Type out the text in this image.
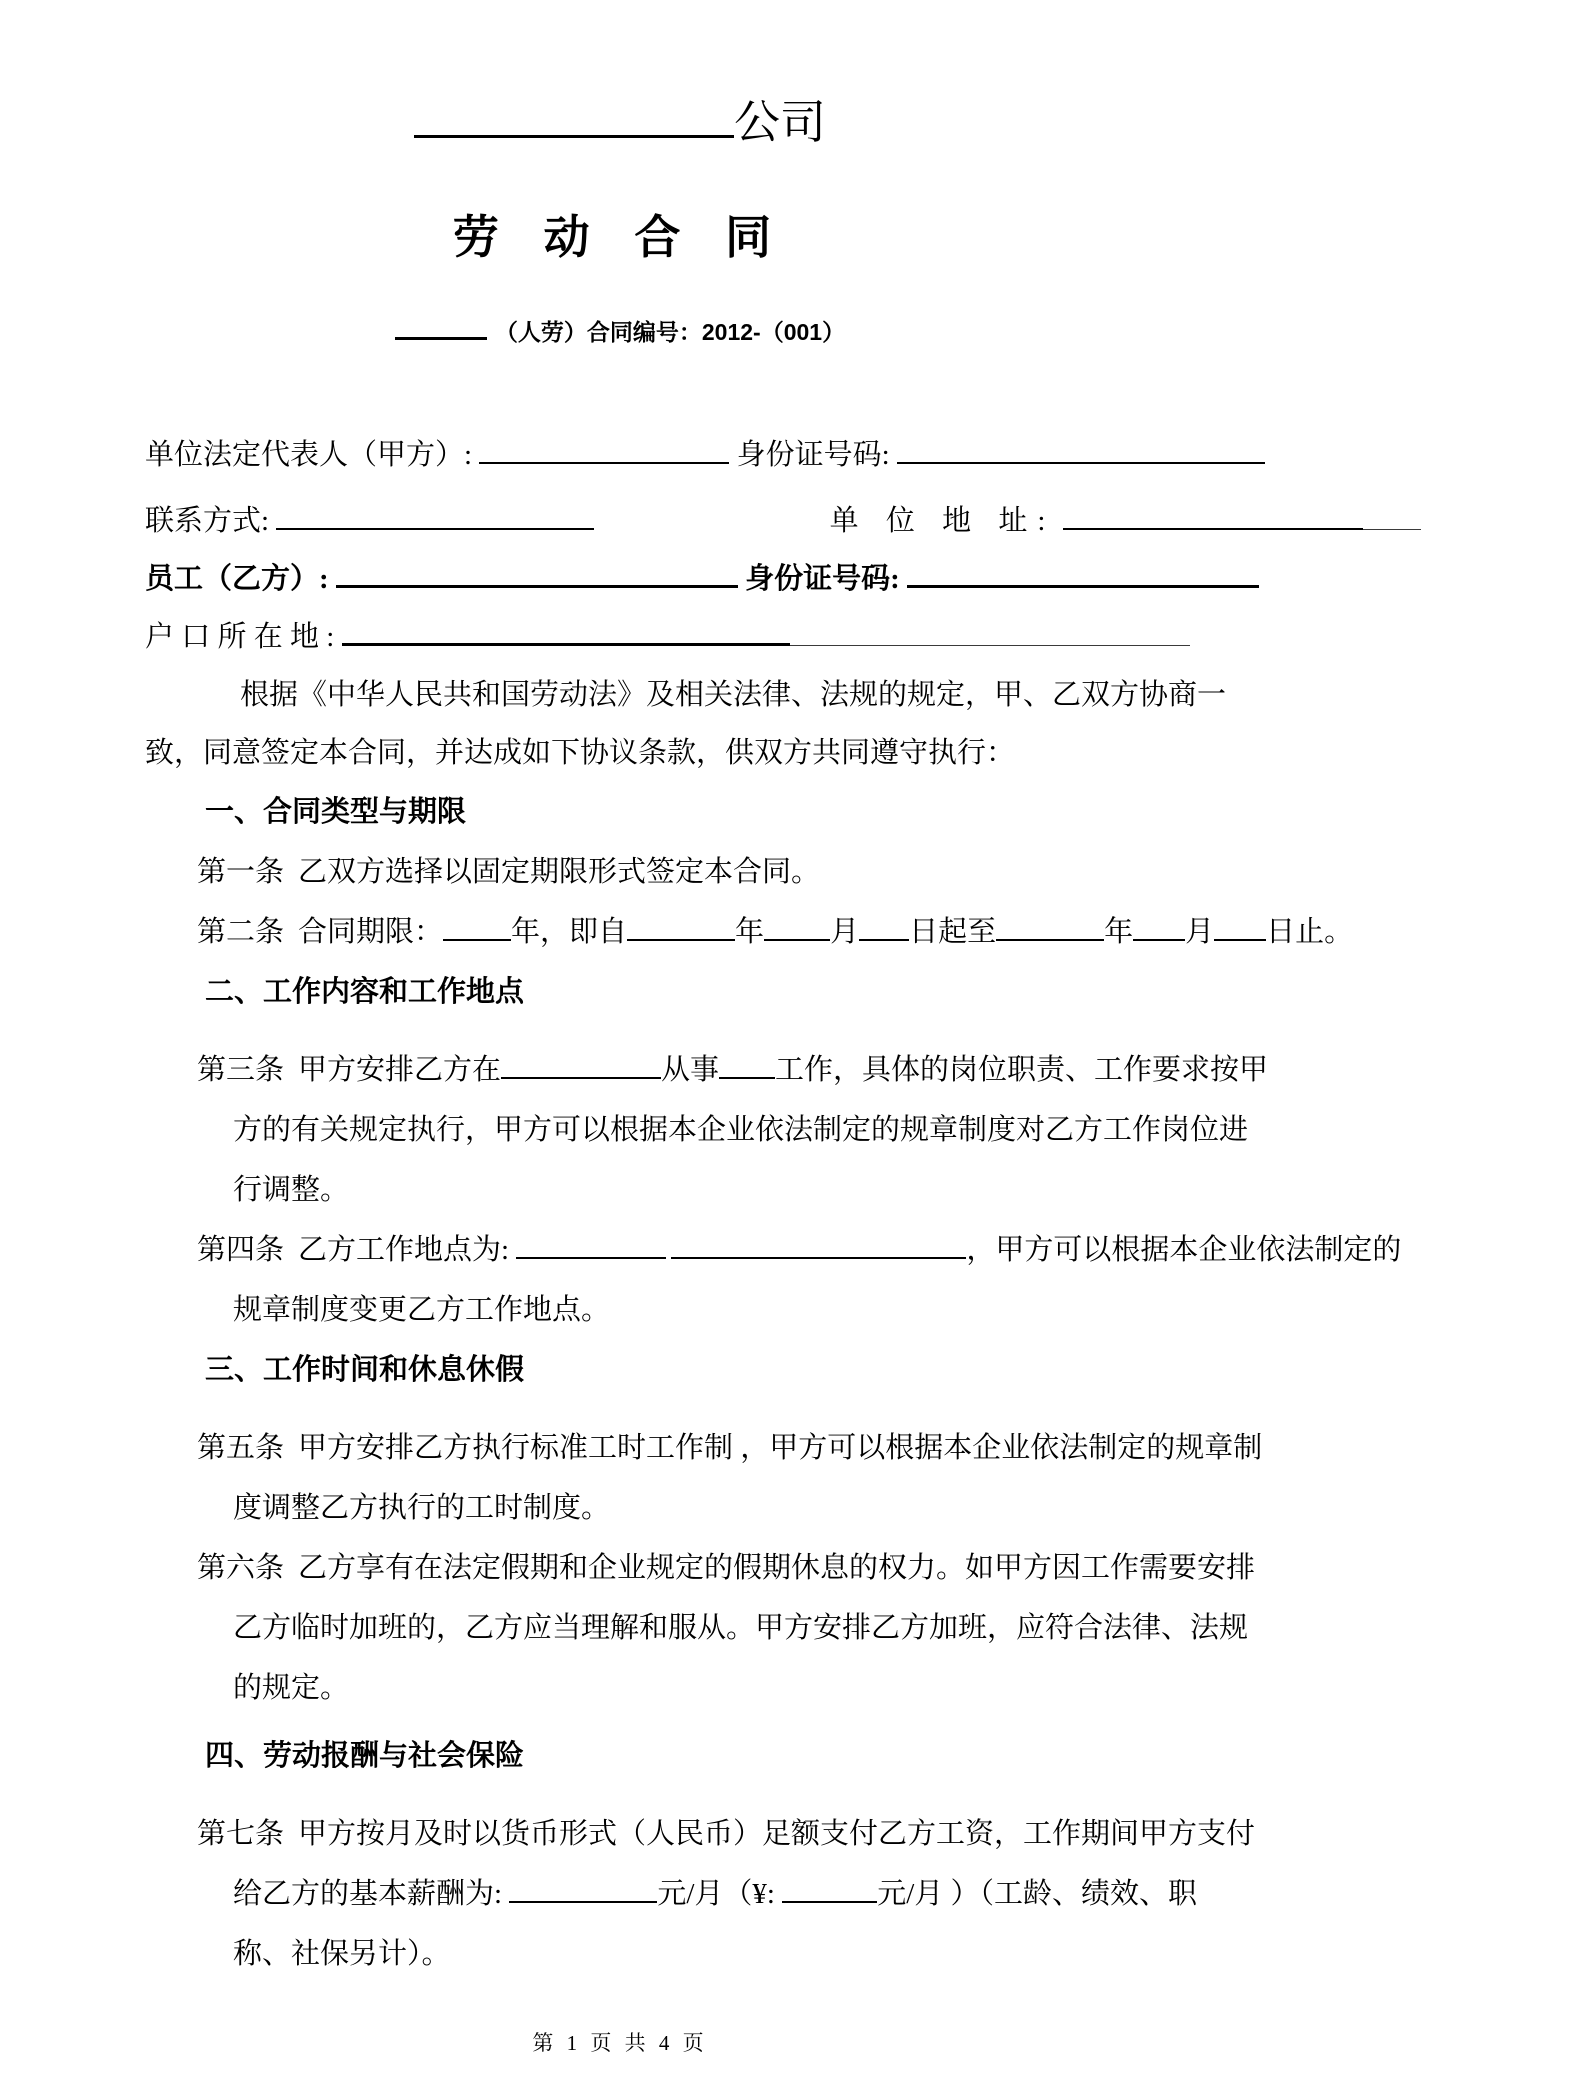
公司
劳 动 合 同
（人劳）合同编号：2012-（001）
单位法定代表人（甲方）:	身份证号码:
联系方式:	单 位 地 址:
员工（乙方）:	身份证号码:
户 口 所 在 地 :
根据《中华人民共和国劳动法》及相关法律、法规的规定，甲、乙双方协商一
致，同意签定本合同，并达成如下协议条款，供双方共同遵守执行：
一、合同类型与期限
第一条 乙双方选择以固定期限形式签定本合同。
第二条 合同期限： 年，即自	年 月 日起至	年 月 日止。
二、工作内容和工作地点
第三条 甲方安排乙方在	从事 工作，具体的岗位职责、工作要求按甲
方的有关规定执行，甲方可以根据本企业依法制定的规章制度对乙方工作岗位进
行调整。
第四条 乙方工作地点为:	，甲方可以根据本企业依法制定的
规章制度变更乙方工作地点。
三、工作时间和休息休假
第五条 甲方安排乙方执行标准工时工作制 ，甲方可以根据本企业依法制定的规章制
度调整乙方执行的工时制度。
第六条 乙方享有在法定假期和企业规定的假期休息的权力。如甲方因工作需要安排
乙方临时加班的，乙方应当理解和服从。甲方安排乙方加班，应符合法律、法规
的规定。
四、劳动报酬与社会保险
第七条 甲方按月及时以货币形式（人民币）足额支付乙方工资，工作期间甲方支付
给乙方的基本薪酬为:	元/月（¥:	元/月 ）（工龄、绩效、职
称、社保另计）。
第 1 页 共 4 页
